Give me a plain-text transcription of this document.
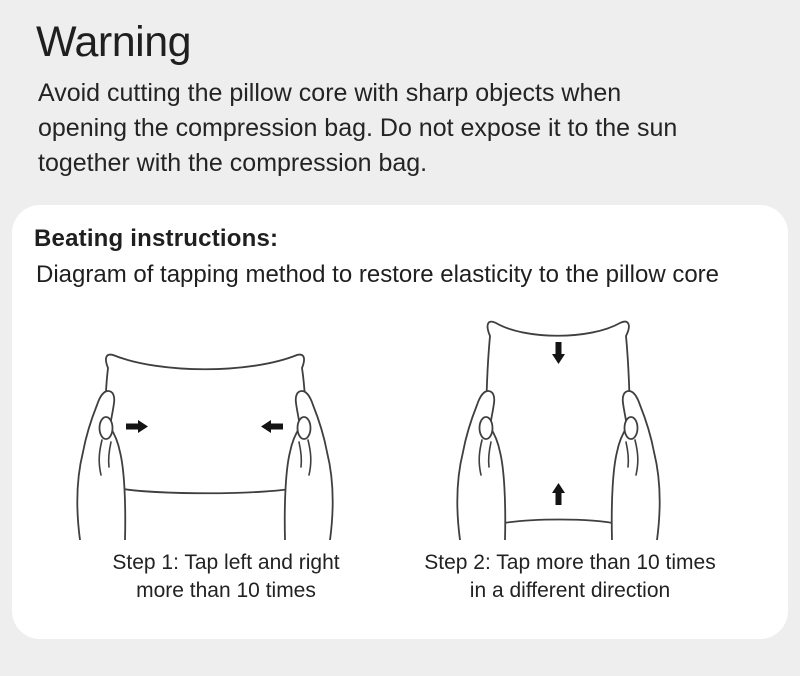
Warning

Avoid cutting the pillow core with sharp objects when
opening the compression bag. Do not expose it to the sun
together with the compression bag.

Beating instructions:
Diagram of tapping method to restore elasticity to the pillow core
Step 1: Tap left and right
more than 10 times
Step 2: Tap more than 10 times
in a different direction
